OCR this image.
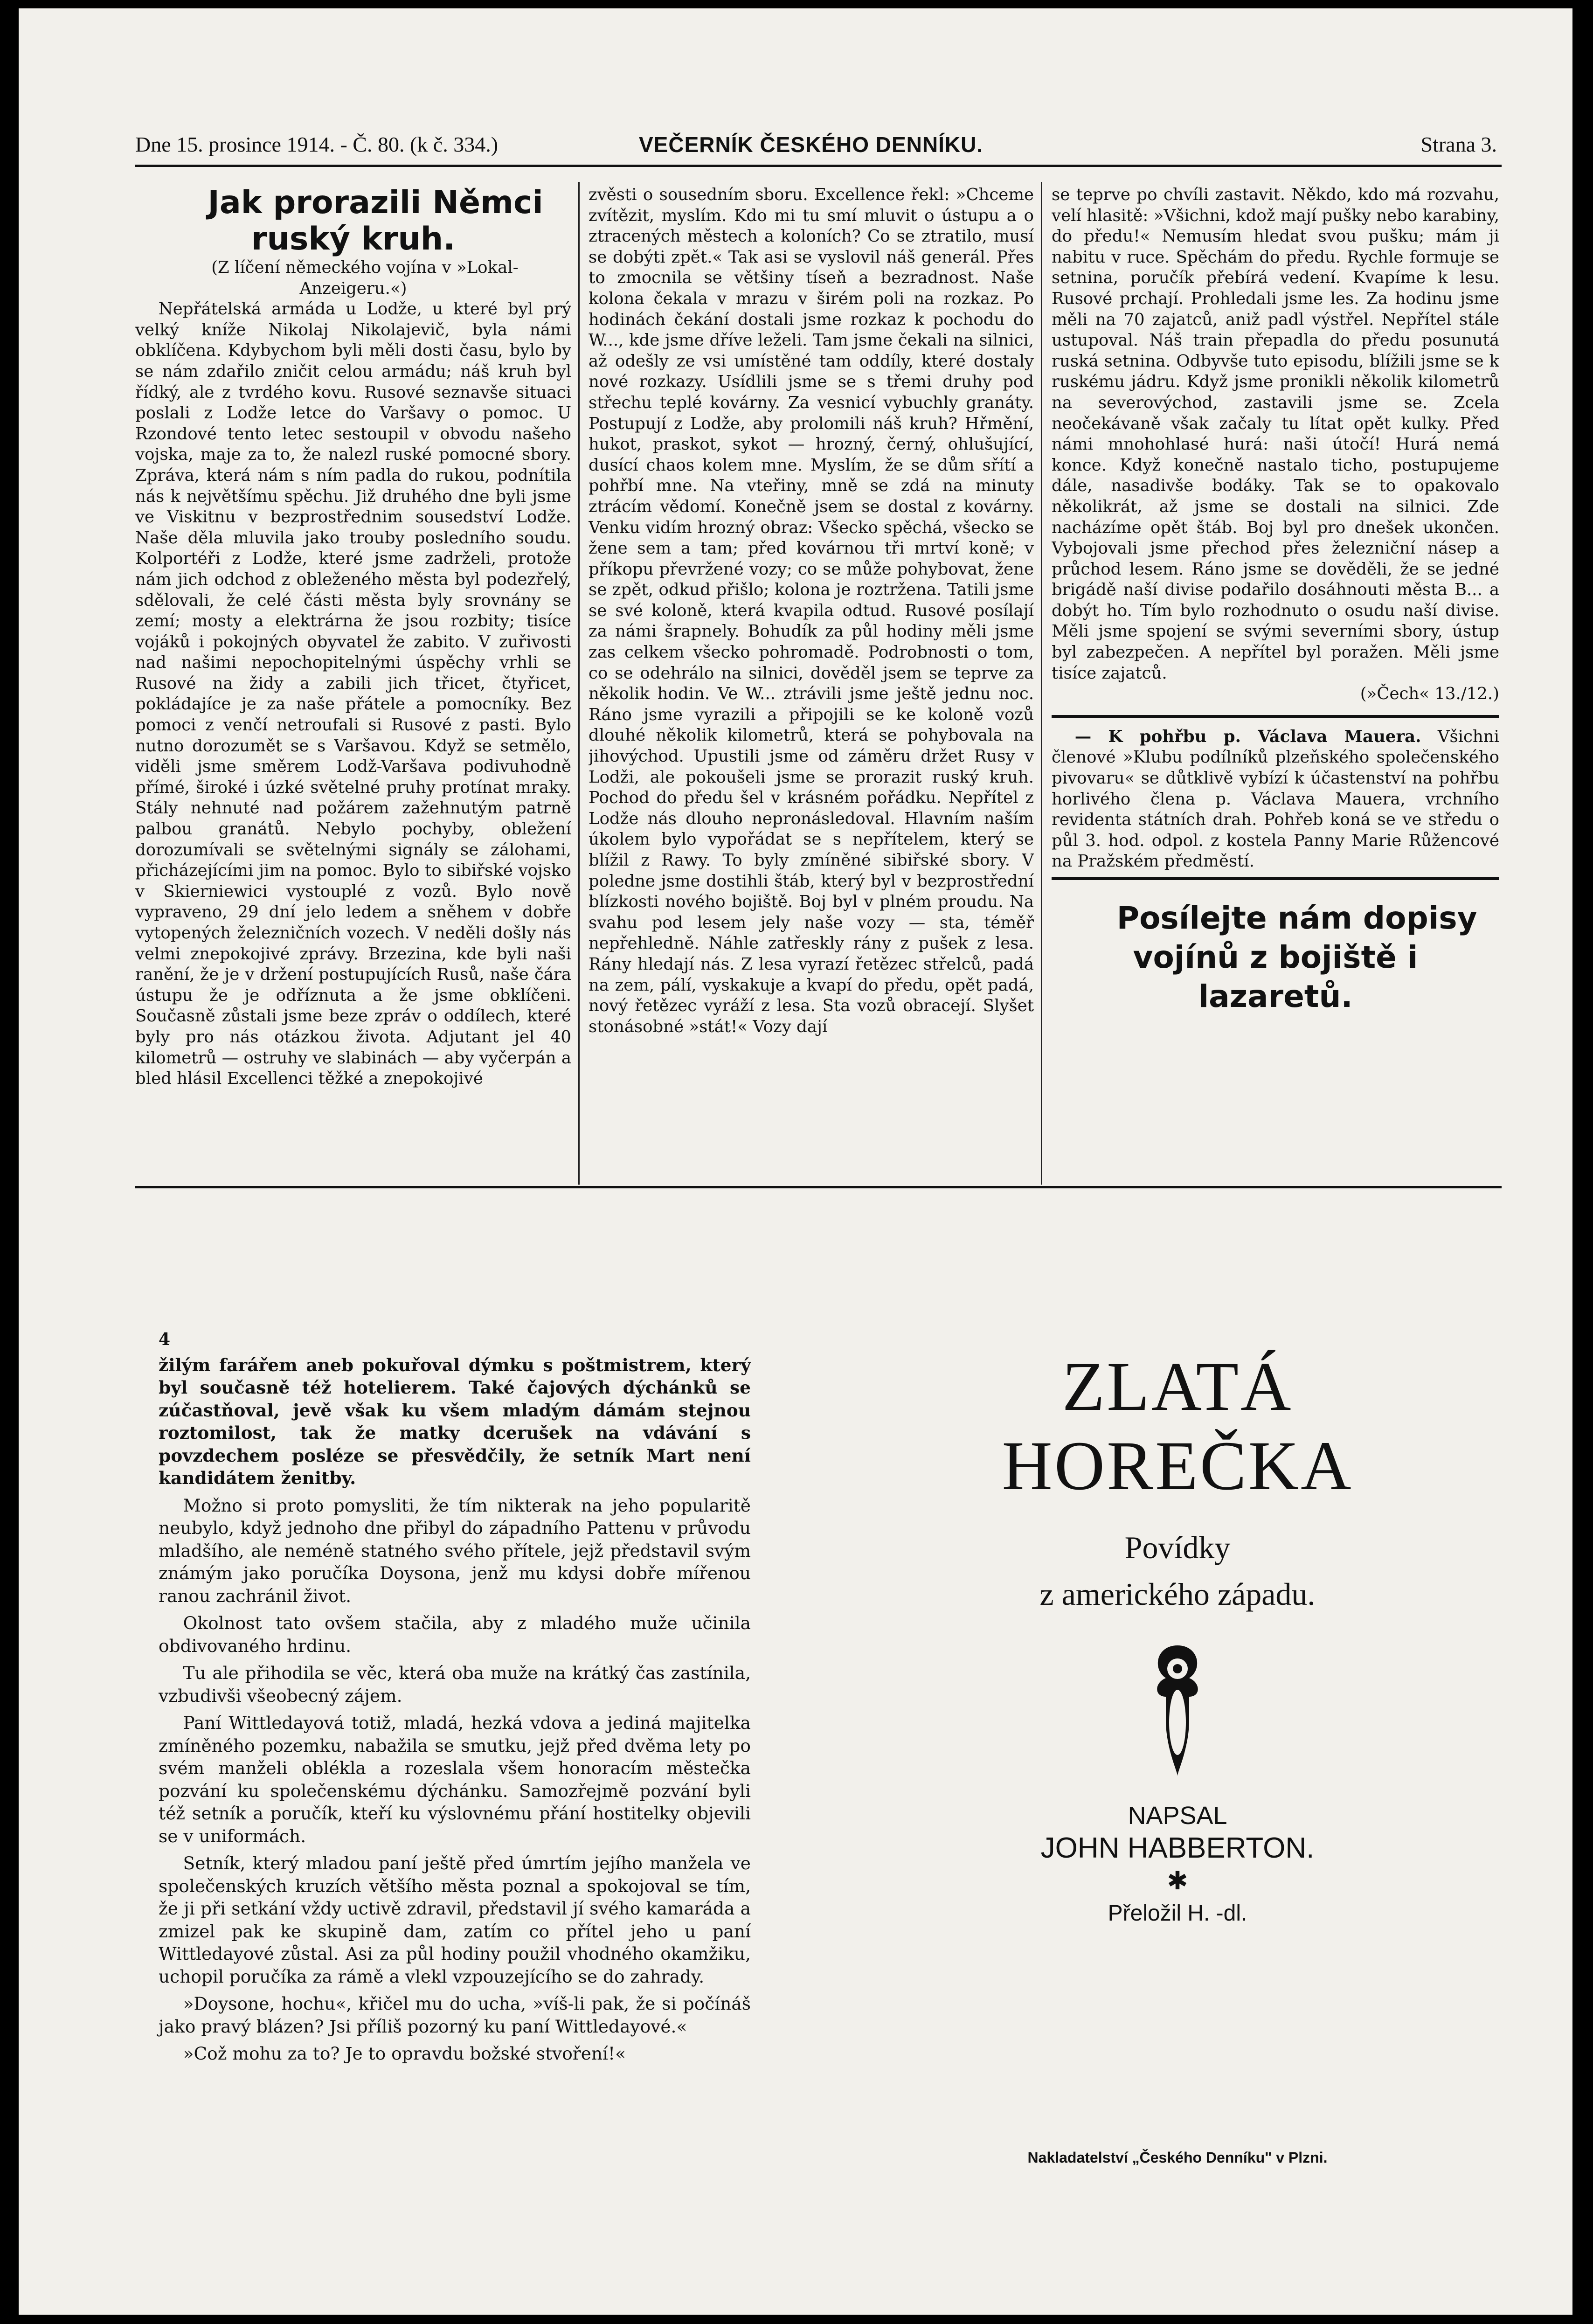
Dne 15. prosince 1914. - Č. 80. (k č. 334.)	VEČERNÍK ČESKÉHO DENNÍKU.	Strana 3.

Jak prorazili Němci ruský kruh.

(Z líčení německého vojína v »Lokal-Anzeigeru.«)

Nepřátelská armáda u Lodže, u které byl prý velký kníže Nikolaj Nikolajevič, byla námi obklíčena. Kdybychom byli měli dosti času, bylo by se nám zdařilo zničit celou armádu; náš kruh byl řídký, ale z tvrdého kovu. Rusové seznavše situaci poslali z Lodže letce do Varšavy o pomoc. U Rzondové tento letec sestoupil v obvodu našeho vojska, maje za to, že nalezl ruské pomocné sbory. Zpráva, která nám s ním padla do rukou, podnítila nás k největšímu spěchu. Již druhého dne byli jsme ve Viskitnu v bezprostřednim sousedství Lodže. Naše děla mluvila jako trouby posledního soudu. Kolportéři z Lodže, které jsme zadrželi, protože nám jich odchod z obleženého města byl podezřelý, sdělovali, že celé části města byly srovnány se zemí; mosty a elektrárna že jsou rozbity; tisíce vojáků i pokojných obyvatel že zabito. V zuřivosti nad našimi nepochopitelnými úspěchy vrhli se Rusové na židy a zabili jich třicet, čtyřicet, pokládajíce je za naše přátele a pomocníky. Bez pomoci z venčí netroufali si Rusové z pasti. Bylo nutno dorozumět se s Varšavou. Když se setmělo, viděli jsme směrem Lodž-Varšava podivuhodně přímé, široké i úzké světelné pruhy protínat mraky. Stály nehnuté nad požárem zažehnutým patrně palbou granátů. Nebylo pochyby, obležení dorozumívali se světelnými signály se zálohami, přicházejícími jim na pomoc. Bylo to sibiřské vojsko v Skierniewici vystouplé z vozů. Bylo nově vypraveno, 29 dní jelo ledem a sněhem v dobře vytopených železničních vozech. V neděli došly nás velmi znepokojivé zprávy. Brzezina, kde byli naši ranění, že je v držení postupujících Rusů, naše čára ústupu že je odříznuta a že jsme obklíčeni. Současně zůstali jsme beze zpráv o oddílech, které byly pro nás otázkou života. Adjutant jel 40 kilometrů — ostruhy ve slabinách — aby vyčerpán a bled hlásil Excellenci těžké a znepokojivé

zvěsti o sousedním sboru. Excellence řekl: »Chceme zvítězit, myslím. Kdo mi tu smí mluvit o ústupu a o ztracených městech a koloních? Co se ztratilo, musí se dobýti zpět.« Tak asi se vyslovil náš generál. Přes to zmocnila se většiny tíseň a bezradnost. Naše kolona čekala v mrazu v širém poli na rozkaz. Po hodinách čekání dostali jsme rozkaz k pochodu do W..., kde jsme dříve leželi. Tam jsme čekali na silnici, až odešly ze vsi umístěné tam oddíly, které dostaly nové rozkazy. Usídlili jsme se s třemi druhy pod střechu teplé kovárny. Za vesnicí vybuchly granáty. Postupují z Lodže, aby prolomili náš kruh? Hřmění, hukot, praskot, sykot — hrozný, černý, ohlušující, dusící chaos kolem mne. Myslím, že se dům sřítí a pohřbí mne. Na vteřiny, mně se zdá na minuty ztrácím vědomí. Konečně jsem se dostal z kovárny. Venku vidím hrozný obraz: Všecko spěchá, všecko se žene sem a tam; před kovárnou tři mrtví koně; v příkopu převržené vozy; co se může pohybovat, žene se zpět, odkud přišlo; kolona je roztržena. Tatili jsme se své koloně, která kvapila odtud. Rusové posílají za námi šrapnely. Bohudík za půl hodiny měli jsme zas celkem všecko pohromadě. Podrobnosti o tom, co se odehrálo na silnici, dověděl jsem se teprve za několik hodin. Ve W... ztrávili jsme ještě jednu noc. Ráno jsme vyrazili a připojili se ke koloně vozů dlouhé několik kilometrů, která se pohybovala na jihovýchod. Upustili jsme od záměru držet Rusy v Lodži, ale pokoušeli jsme se prorazit ruský kruh. Pochod do předu šel v krásném pořádku. Nepřítel z Lodže nás dlouho nepronásledoval. Hlavním naším úkolem bylo vypořádat se s nepřítelem, který se blížil z Rawy. To byly zmíněné sibiřské sbory. V poledne jsme dostihli štáb, který byl v bezprostřední blízkosti nového bojiště. Boj byl v plném proudu. Na svahu pod lesem jely naše vozy — sta, téměř nepřehledně. Náhle zatřeskly rány z pušek z lesa. Rány hledají nás. Z lesa vyrazí řetězec střelců, padá na zem, pálí, vyskakuje a kvapí do předu, opět padá, nový řetězec vyráží z lesa. Sta vozů obracejí. Slyšet stonásobné »stát!« Vozy dají

se teprve po chvíli zastavit. Někdo, kdo má rozvahu, velí hlasitě: »Všichni, kdož mají pušky nebo karabiny, do předu!« Nemusím hledat svou pušku; mám ji nabitu v ruce. Spěchám do předu. Rychle formuje se setnina, poručík přebírá vedení. Kvapíme k lesu. Rusové prchají. Prohledali jsme les. Za hodinu jsme měli na 70 zajatců, aniž padl výstřel. Nepřítel stále ustupoval. Náš train přepadla do předu posunutá ruská setnina. Odbyvše tuto episodu, blížili jsme se k ruskému jádru. Když jsme pronikli několik kilometrů na severovýchod, zastavili jsme se. Zcela neočekávaně však začaly tu lítat opět kulky. Před námi mnohohlasé hurá: naši útočí! Hurá nemá konce. Když konečně nastalo ticho, postupujeme dále, nasadivše bodáky. Tak se to opakovalo několikrát, až jsme se dostali na silnici. Zde nacházíme opět štáb. Boj byl pro dnešek ukončen. Vybojovali jsme přechod přes železniční násep a průchod lesem. Ráno jsme se dověděli, že se jedné brigádě naší divise podařilo dosáhnouti města B... a dobýt ho. Tím bylo rozhodnuto o osudu naší divise. Měli jsme spojení se svými severními sbory, ústup byl zabezpečen. A nepřítel byl poražen. Měli jsme tisíce zajatců.

(»Čech« 13./12.)

— K pohřbu p. Václava Mauera. Všichni členové »Klubu podílníků plzeňského společenského pivovaru« se důtklivě vybízí k účastenství na pohřbu horlivého člena p. Václava Mauera, vrchního revidenta státních drah. Pohřeb koná se ve středu o půl 3. hod. odpol. z kostela Panny Marie Růžencové na Pražském předměstí.

Posílejte nám dopisy vojínů z bojiště i lazaretů.

4

žilým farářem aneb pokuřoval dýmku s poštmistrem, který byl současně též hotelierem. Také čajových dýchánků se zúčastňoval, jevě však ku všem mladým dámám stejnou roztomilost, tak že matky dcerušek na vdávání s povzdechem posléze se přesvědčily, že setník Mart není kandidátem ženitby.

Možno si proto pomysliti, že tím nikterak na jeho popularitě neubylo, když jednoho dne přibyl do západního Pattenu v průvodu mladšího, ale neméně statného svého přítele, jejž představil svým známým jako poručíka Doysona, jenž mu kdysi dobře mířenou ranou zachránil život.

Okolnost tato ovšem stačila, aby z mladého muže učinila obdivovaného hrdinu.

Tu ale přihodila se věc, která oba muže na krátký čas zastínila, vzbudivši všeobecný zájem.

Paní Wittledayová totiž, mladá, hezká vdova a jediná majitelka zmíněného pozemku, nabažila se smutku, jejž před dvěma lety po svém manželi oblékla a rozeslala všem honoracím městečka pozvání ku společenskému dýchánku. Samozřejmě pozvání byli též setník a poručík, kteří ku výslovnému přání hostitelky objevili se v uniformách.

Setník, který mladou paní ještě před úmrtím jejího manžela ve společenských kruzích většího města poznal a spokojoval se tím, že ji při setkání vždy uctivě zdravil, představil jí svého kamaráda a zmizel pak ke skupině dam, zatím co přítel jeho u paní Wittledayové zůstal. Asi za půl hodiny použil vhodného okamžiku, uchopil poručíka za rámě a vlekl vzpouzejícího se do zahrady.

»Doysone, hochu«, křičel mu do ucha, »víš-li pak, že si počínáš jako pravý blázen? Jsi příliš pozorný ku paní Wittledayové.«

»Což mohu za to? Je to opravdu božské stvoření!«

ZLATÁ HOREČKA
Povídky
z amerického západu.
NAPSAL
JOHN HABBERTON.
✱
Přeložil H. -dl.
Nakladatelství „Českého Denníku" v Plzni.
